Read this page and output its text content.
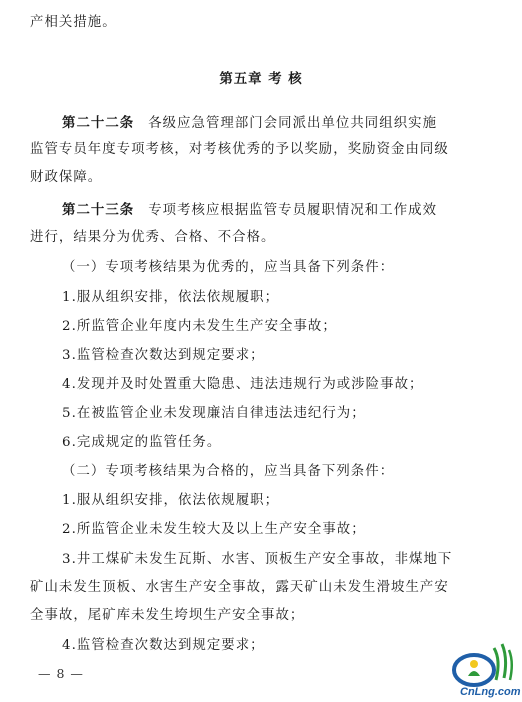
产相关措施。
第五章 考 核
第二十二条 各级应急管理部门会同派出单位共同组织实施
监管专员年度专项考核，对考核优秀的予以奖励，奖励资金由同级
财政保障。
第二十三条 专项考核应根据监管专员履职情况和工作成效
进行，结果分为优秀、合格、不合格。
（一）专项考核结果为优秀的，应当具备下列条件：
1.服从组织安排，依法依规履职；
2.所监管企业年度内未发生生产安全事故；
3.监管检查次数达到规定要求；
4.发现并及时处置重大隐患、违法违规行为或涉险事故；
5.在被监管企业未发现廉洁自律违法违纪行为；
6.完成规定的监管任务。
（二）专项考核结果为合格的，应当具备下列条件：
1.服从组织安排，依法依规履职；
2.所监管企业未发生较大及以上生产安全事故；
3.井工煤矿未发生瓦斯、水害、顶板生产安全事故，非煤地下
矿山未发生顶板、水害生产安全事故，露天矿山未发生滑坡生产安
全事故，尾矿库未发生垮坝生产安全事故；
4.监管检查次数达到规定要求；
— 8 —
CnLng.com
